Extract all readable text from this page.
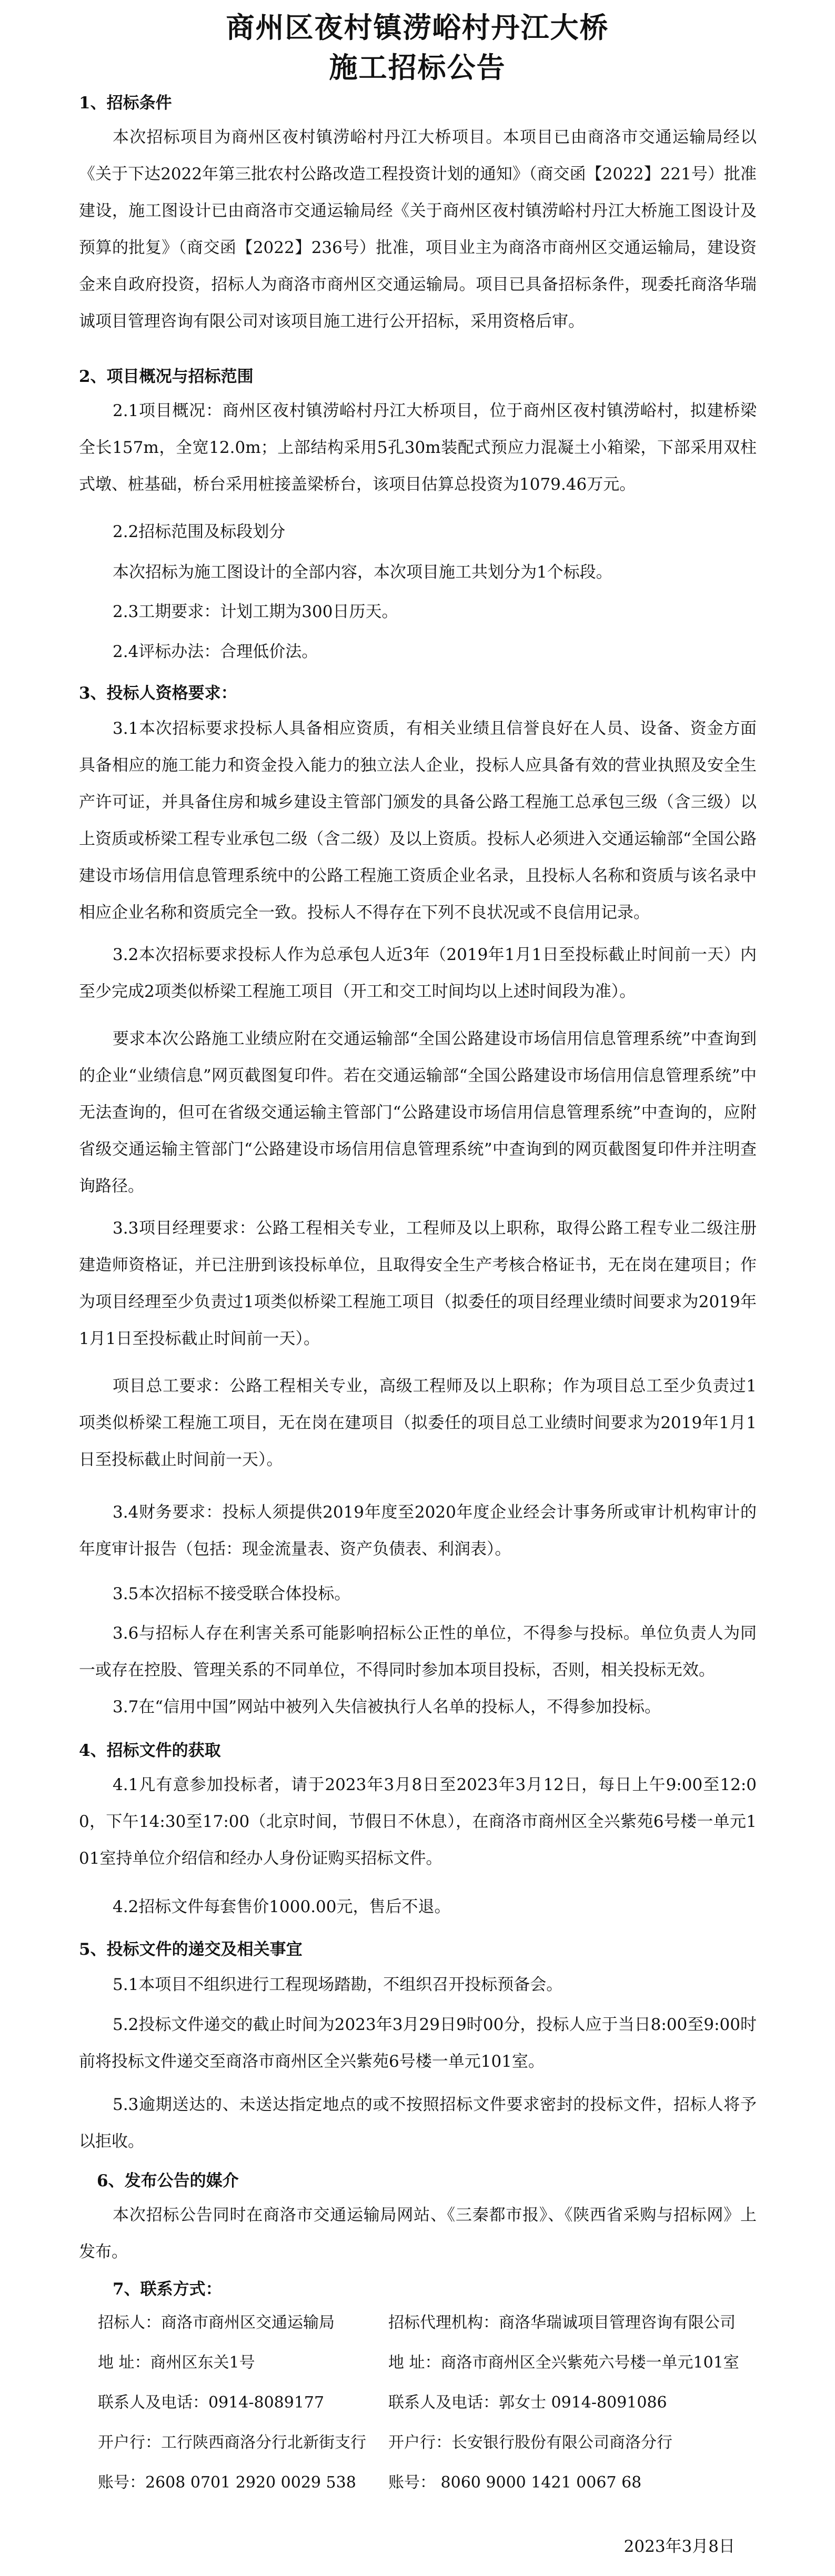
商州区夜村镇涝峪村丹江大桥
施工招标公告
1、招标条件
本次招标项目为商州区夜村镇涝峪村丹江大桥项目。本项目已由商洛市交通运输局经以《关于下达2022年第三批农村公路改造工程投资计划的通知》（商交函【2022】221号）批准建设，施工图设计已由商洛市交通运输局经《关于商州区夜村镇涝峪村丹江大桥施工图设计及预算的批复》（商交函【2022】236号）批准，项目业主为商洛市商州区交通运输局，建设资金来自政府投资，招标人为商洛市商州区交通运输局。项目已具备招标条件，现委托商洛华瑞诚项目管理咨询有限公司对该项目施工进行公开招标，采用资格后审。
2、项目概况与招标范围
2.1项目概况：商州区夜村镇涝峪村丹江大桥项目，位于商州区夜村镇涝峪村，拟建桥梁全长157m，全宽12.0m；上部结构采用5孔30m装配式预应力混凝土小箱梁，下部采用双柱式墩、桩基础，桥台采用桩接盖梁桥台，该项目估算总投资为1079.46万元。
2.2招标范围及标段划分
本次招标为施工图设计的全部内容，本次项目施工共划分为1个标段。
2.3工期要求：计划工期为300日历天。
2.4评标办法：合理低价法。
3、投标人资格要求：
3.1本次招标要求投标人具备相应资质，有相关业绩且信誉良好在人员、设备、资金方面具备相应的施工能力和资金投入能力的独立法人企业，投标人应具备有效的营业执照及安全生产许可证，并具备住房和城乡建设主管部门颁发的具备公路工程施工总承包三级（含三级）以上资质或桥梁工程专业承包二级（含二级）及以上资质。投标人必须进入交通运输部“全国公路建设市场信用信息管理系统中的公路工程施工资质企业名录，且投标人名称和资质与该名录中相应企业名称和资质完全一致。投标人不得存在下列不良状况或不良信用记录。
3.2本次招标要求投标人作为总承包人近3年（2019年1月1日至投标截止时间前一天）内至少完成2项类似桥梁工程施工项目（开工和交工时间均以上述时间段为准）。
要求本次公路施工业绩应附在交通运输部“全国公路建设市场信用信息管理系统”中查询到的企业“业绩信息”网页截图复印件。若在交通运输部“全国公路建设市场信用信息管理系统”中无法查询的，但可在省级交通运输主管部门“公路建设市场信用信息管理系统”中查询的，应附省级交通运输主管部门“公路建设市场信用信息管理系统”中查询到的网页截图复印件并注明查询路径。
3.3项目经理要求：公路工程相关专业，工程师及以上职称，取得公路工程专业二级注册建造师资格证，并已注册到该投标单位，且取得安全生产考核合格证书，无在岗在建项目；作为项目经理至少负责过1项类似桥梁工程施工项目（拟委任的项目经理业绩时间要求为2019年1月1日至投标截止时间前一天）。
项目总工要求：公路工程相关专业，高级工程师及以上职称；作为项目总工至少负责过1项类似桥梁工程施工项目，无在岗在建项目（拟委任的项目总工业绩时间要求为2019年1月1日至投标截止时间前一天）。
3.4财务要求：投标人须提供2019年度至2020年度企业经会计事务所或审计机构审计的年度审计报告（包括：现金流量表、资产负债表、利润表）。
3.5本次招标不接受联合体投标。
3.6与招标人存在利害关系可能影响招标公正性的单位，不得参与投标。单位负责人为同一或存在控股、管理关系的不同单位，不得同时参加本项目投标，否则，相关投标无效。
3.7在“信用中国”网站中被列入失信被执行人名单的投标人，不得参加投标。
4、招标文件的获取
4.1凡有意参加投标者，请于2023年3月8日至2023年3月12日，每日上午9:00至12:00，下午14:30至17:00（北京时间，节假日不休息），在商洛市商州区全兴紫苑6号楼一单元101室持单位介绍信和经办人身份证购买招标文件。
4.2招标文件每套售价1000.00元，售后不退。
5、投标文件的递交及相关事宜
5.1本项目不组织进行工程现场踏勘，不组织召开投标预备会。
5.2投标文件递交的截止时间为2023年3月29日9时00分，投标人应于当日8:00至9:00时前将投标文件递交至商洛市商州区全兴紫苑6号楼一单元101室。
5.3逾期送达的、未送达指定地点的或不按照招标文件要求密封的投标文件，招标人将予以拒收。
6、发布公告的媒介
本次招标公告同时在商洛市交通运输局网站、《三秦都市报》、《陕西省采购与招标网》上发布。
7、联系方式：
招标人：商洛市商州区交通运输局
地 址：商州区东关1号
联系人及电话：0914-8089177
开户行：工行陕西商洛分行北新街支行
账号：2608 0701 2920 0029 538
招标代理机构：商洛华瑞诚项目管理咨询有限公司
地 址：商洛市商州区全兴紫苑六号楼一单元101室
联系人及电话：郭女士 0914-8091086
开户行：长安银行股份有限公司商洛分行
账号： 8060 9000 1421 0067 68
2023年3月8日
